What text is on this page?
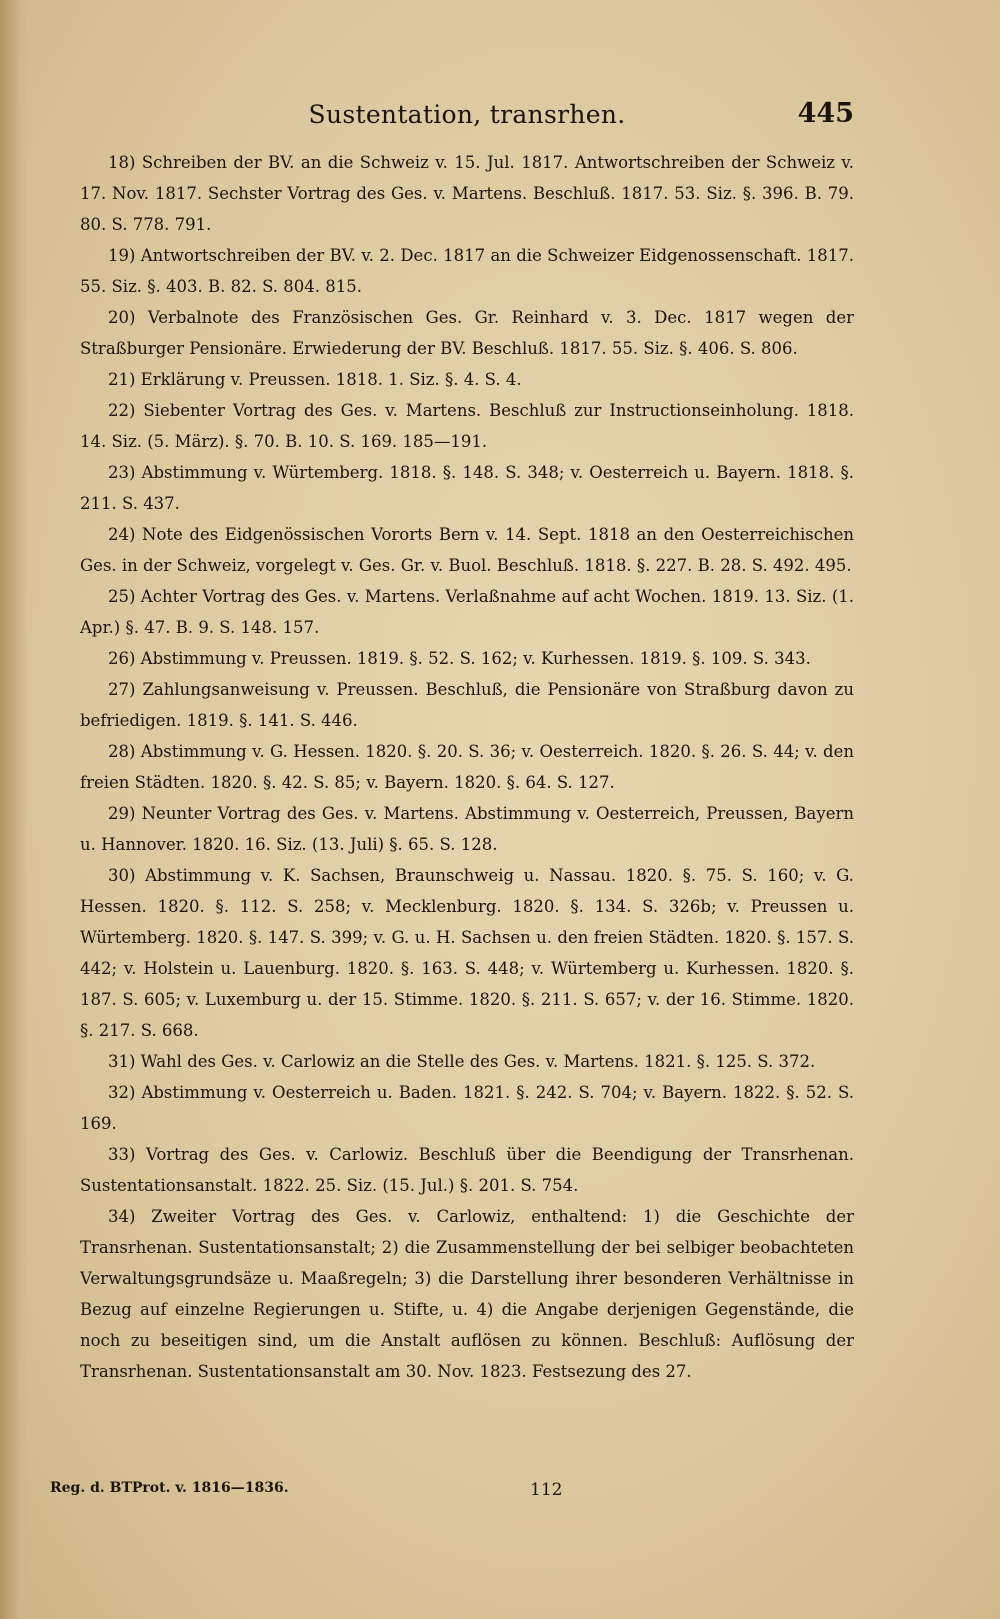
Sustentation, transrhen.	445

18) Schreiben der BV. an die Schweiz v. 15. Jul. 1817. Antwortschreiben der Schweiz v. 17. Nov. 1817. Sechster Vortrag des Ges. v. Martens. Beschluß. 1817. 53. Siz. §. 396. B. 79. 80. S. 778. 791.

19) Antwortschreiben der BV. v. 2. Dec. 1817 an die Schweizer Eidgenossenschaft. 1817. 55. Siz. §. 403. B. 82. S. 804. 815.

20) Verbalnote des Französischen Ges. Gr. Reinhard v. 3. Dec. 1817 wegen der Straßburger Pensionäre. Erwiederung der BV. Beschluß. 1817. 55. Siz. §. 406. S. 806.

21) Erklärung v. Preussen. 1818. 1. Siz. §. 4. S. 4.

22) Siebenter Vortrag des Ges. v. Martens. Beschluß zur Instructionseinholung. 1818. 14. Siz. (5. März). §. 70. B. 10. S. 169. 185—191.

23) Abstimmung v. Würtemberg. 1818. §. 148. S. 348; v. Oesterreich u. Bayern. 1818. §. 211. S. 437.

24) Note des Eidgenössischen Vororts Bern v. 14. Sept. 1818 an den Oesterreichischen Ges. in der Schweiz, vorgelegt v. Ges. Gr. v. Buol. Beschluß. 1818. §. 227. B. 28. S. 492. 495.

25) Achter Vortrag des Ges. v. Martens. Verlaßnahme auf acht Wochen. 1819. 13. Siz. (1. Apr.) §. 47. B. 9. S. 148. 157.

26) Abstimmung v. Preussen. 1819. §. 52. S. 162; v. Kurhessen. 1819. §. 109. S. 343.

27) Zahlungsanweisung v. Preussen. Beschluß, die Pensionäre von Straßburg davon zu befriedigen. 1819. §. 141. S. 446.

28) Abstimmung v. G. Hessen. 1820. §. 20. S. 36; v. Oesterreich. 1820. §. 26. S. 44; v. den freien Städten. 1820. §. 42. S. 85; v. Bayern. 1820. §. 64. S. 127.

29) Neunter Vortrag des Ges. v. Martens. Abstimmung v. Oesterreich, Preussen, Bayern u. Hannover. 1820. 16. Siz. (13. Juli) §. 65. S. 128.

30) Abstimmung v. K. Sachsen, Braunschweig u. Nassau. 1820. §. 75. S. 160; v. G. Hessen. 1820. §. 112. S. 258; v. Mecklenburg. 1820. §. 134. S. 326b; v. Preussen u. Würtemberg. 1820. §. 147. S. 399; v. G. u. H. Sachsen u. den freien Städten. 1820. §. 157. S. 442; v. Holstein u. Lauenburg. 1820. §. 163. S. 448; v. Würtemberg u. Kurhessen. 1820. §. 187. S. 605; v. Luxemburg u. der 15. Stimme. 1820. §. 211. S. 657; v. der 16. Stimme. 1820. §. 217. S. 668.

31) Wahl des Ges. v. Carlowiz an die Stelle des Ges. v. Martens. 1821. §. 125. S. 372.

32) Abstimmung v. Oesterreich u. Baden. 1821. §. 242. S. 704; v. Bayern. 1822. §. 52. S. 169.

33) Vortrag des Ges. v. Carlowiz. Beschluß über die Beendigung der Transrhenan. Sustentationsanstalt. 1822. 25. Siz. (15. Jul.) §. 201. S. 754.

34) Zweiter Vortrag des Ges. v. Carlowiz, enthaltend: 1) die Geschichte der Transrhenan. Sustentationsanstalt; 2) die Zusammenstellung der bei selbiger beobachteten Verwaltungsgrundsäze u. Maaßregeln; 3) die Darstellung ihrer besonderen Verhältnisse in Bezug auf einzelne Regierungen u. Stifte, u. 4) die Angabe derjenigen Gegenstände, die noch zu beseitigen sind, um die Anstalt auflösen zu können. Beschluß: Auflösung der Transrhenan. Sustentationsanstalt am 30. Nov. 1823. Festsezung des 27.

Reg. d. BTProt. v. 1816—1836.	112
